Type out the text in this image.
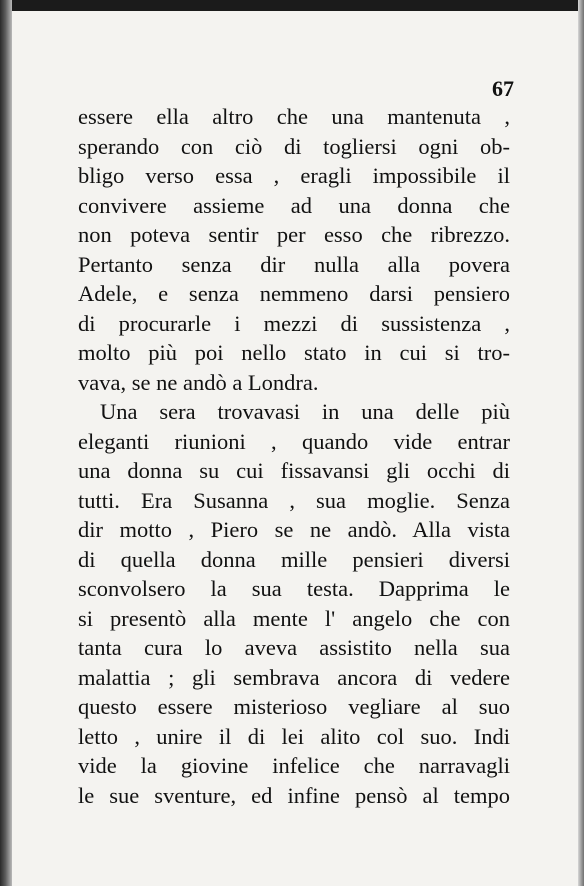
67
essere ella altro che una mantenuta ,
sperando con ciò di togliersi ogni ob-
bligo verso essa , eragli impossibile il
convivere assieme ad una donna che
non poteva sentir per esso che ribrezzo.
Pertanto senza dir nulla alla povera
Adele, e senza nemmeno darsi pensiero
di procurarle i mezzi di sussistenza ,
molto più poi nello stato in cui si tro-
vava, se ne andò a Londra.
Una sera trovavasi in una delle più
eleganti riunioni , quando vide entrar
una donna su cui fissavansi gli occhi di
tutti. Era Susanna , sua moglie. Senza
dir motto , Piero se ne andò. Alla vista
di quella donna mille pensieri diversi
sconvolsero la sua testa. Dapprima le
si presentò alla mente l' angelo che con
tanta cura lo aveva assistito nella sua
malattia ; gli sembrava ancora di vedere
questo essere misterioso vegliare al suo
letto , unire il di lei alito col suo. Indi
vide la giovine infelice che narravagli
le sue sventure, ed infine pensò al tempo
